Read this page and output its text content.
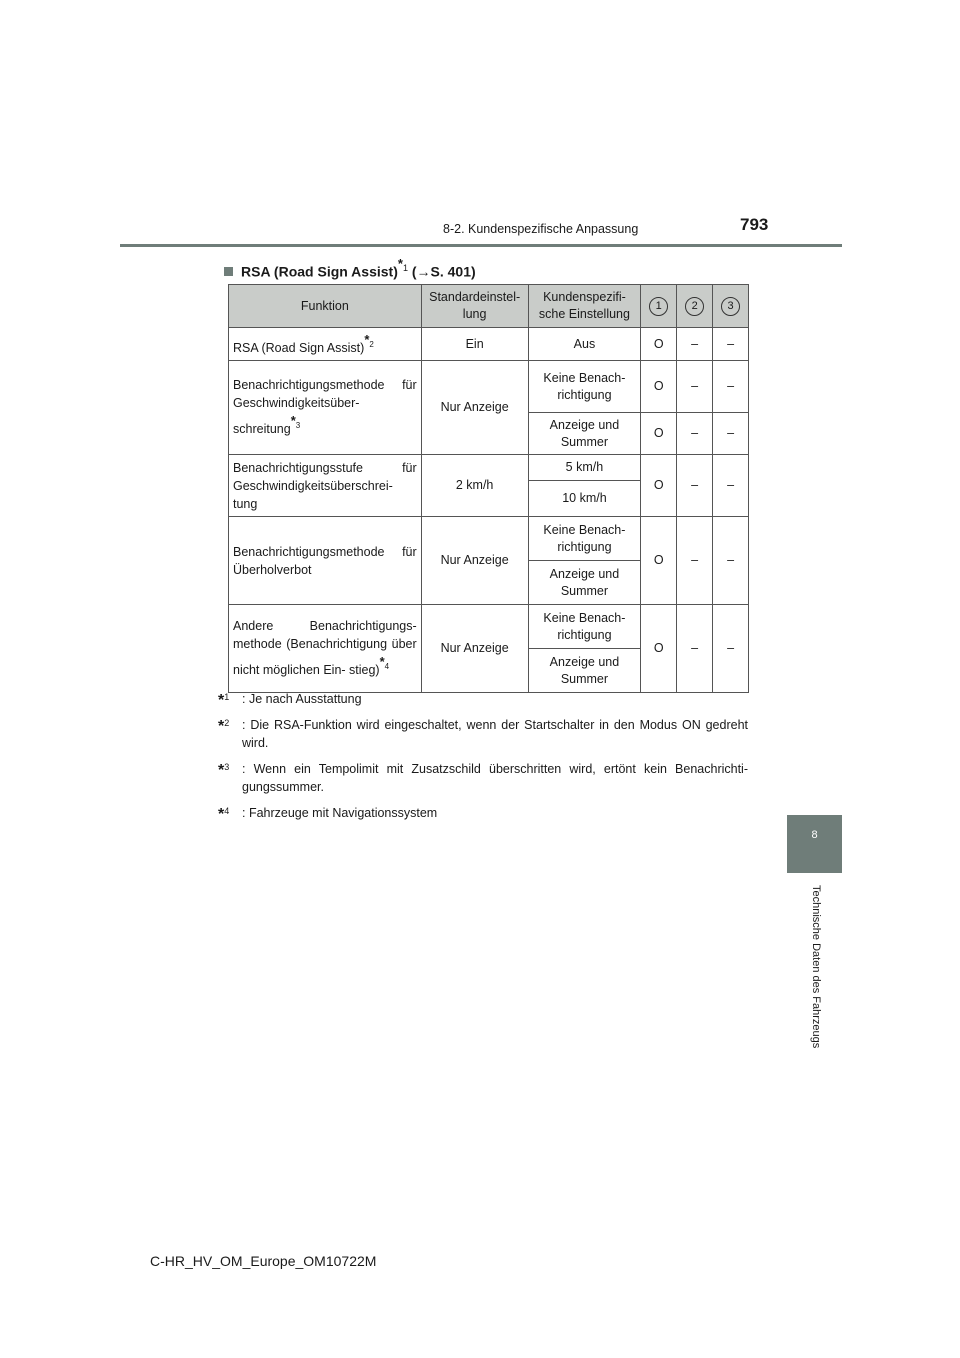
8-2. Kundenspezifische Anpassung	793
8
Technische Daten des Fahrzeugs
RSA (Road Sign Assist)$^{*1}$ (→S. 401)
Funktion	Standardeinstel- lung	Kundenspezifi- sche Einstellung	1	2	3
RSA (Road Sign Assist)$^{*2}$	Ein	Aus	O	–	–
Benachrichtigungsmethode für Geschwindigkeitsüber- schreitung$^{*3}$	Nur Anzeige	Keine Benach- richtigung	O	–	–
		Anzeige und Summer	O	–	–
Benachrichtigungsstufe für Geschwindigkeitsüberschrei- tung	2 km/h	5 km/h	O	–	–
		10 km/h			
Benachrichtigungsmethode für Überholverbot	Nur Anzeige	Keine Benach- richtigung	O	–	–
		Anzeige und Summer			
Andere Benachrichtigungs- methode (Benachrichtigung über nicht möglichen Ein- stieg)$^{*4}$	Nur Anzeige	Keine Benach- richtigung	O	–	–
		Anzeige und Summer			
*$^1$ : Je nach Ausstattung
*$^2$ : Die RSA-Funktion wird eingeschaltet, wenn der Startschalter in den Modus ON gedreht wird.
*$^3$ : Wenn ein Tempolimit mit Zusatzschild überschritten wird, ertönt kein Benachrichti- gungssummer.
*$^4$ : Fahrzeuge mit Navigationssystem
C-HR_HV_OM_Europe_OM10722M
